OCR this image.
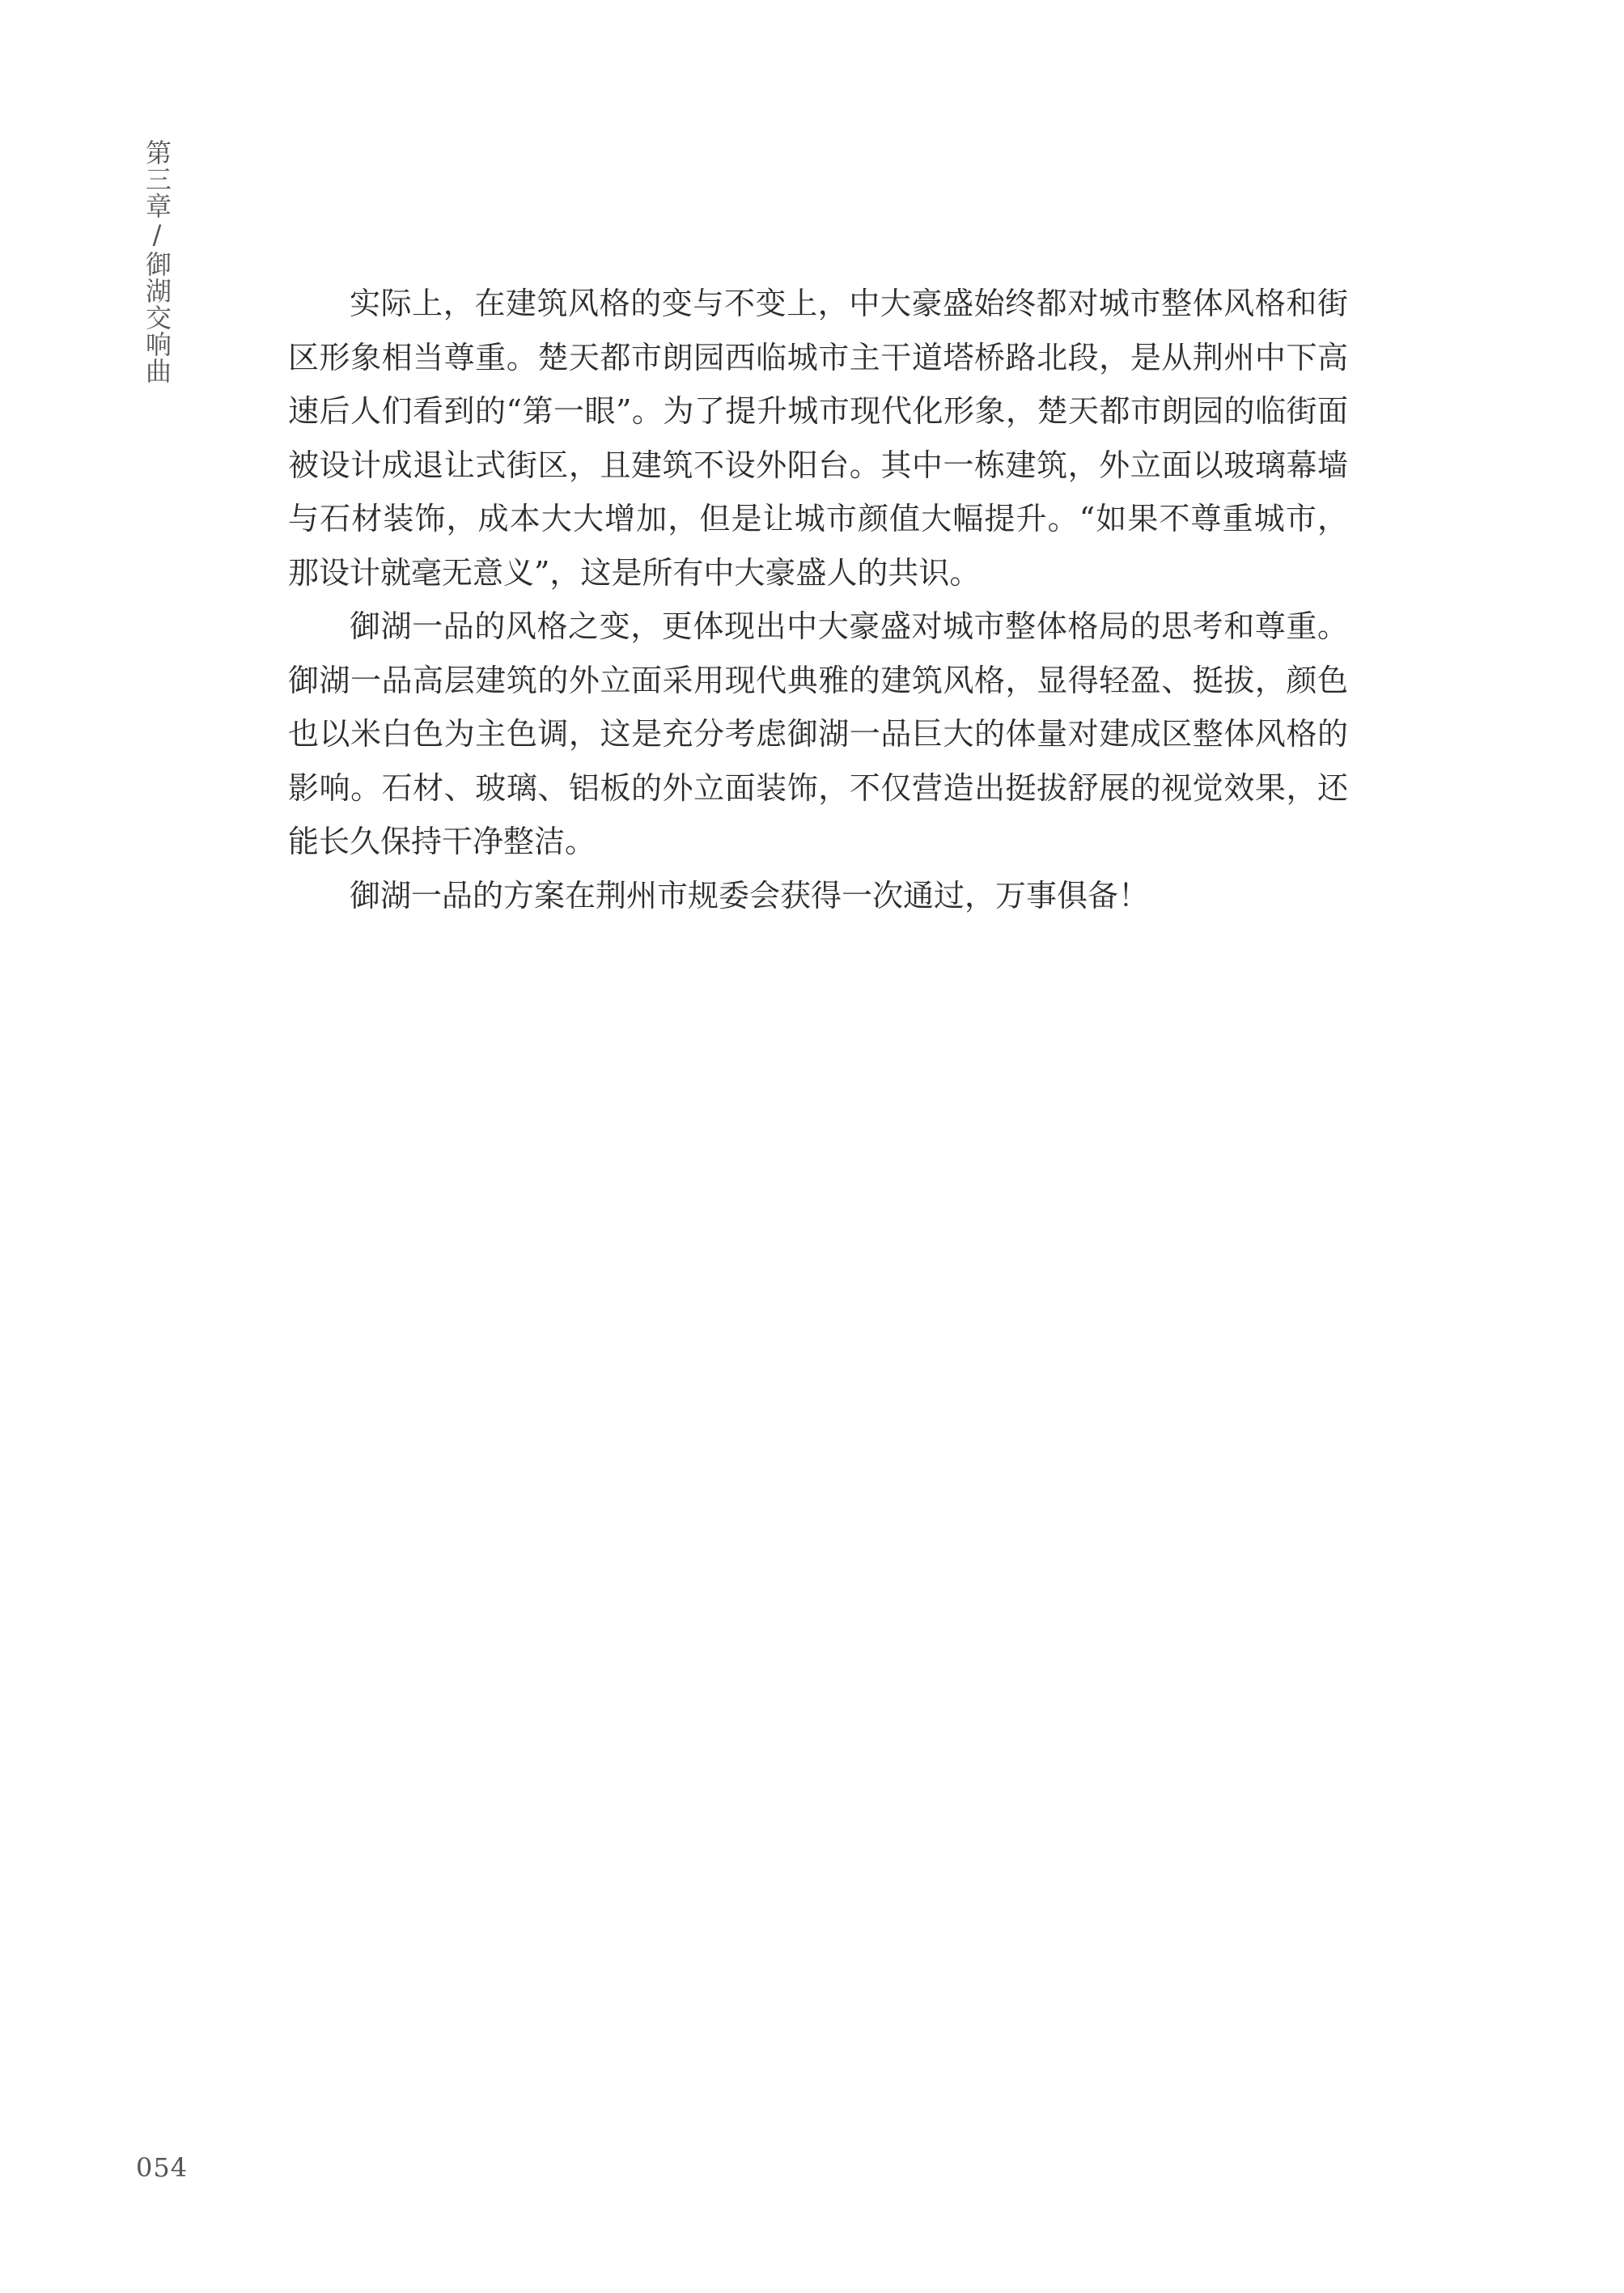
第三章/御湖交响曲	实际上，在建筑风格的变与不变上，中大豪盛始终都对城市整体风格和街区形象相当尊重。楚天都市朗园西临城市主干道塔桥路北段，是从荆州中下高速后人们看到的“第一眼”。为了提升城市现代化形象，楚天都市朗园的临街面被设计成退让式街区，且建筑不设外阳台。其中一栋建筑，外立面以玻璃幕墙与石材装饰，成本大大增加，但是让城市颜值大幅提升。“如果不尊重城市，那设计就毫无意义”，这是所有中大豪盛人的共识。

御湖一品的风格之变，更体现出中大豪盛对城市整体格局的思考和尊重。御湖一品高层建筑的外立面采用现代典雅的建筑风格，显得轻盈、挺拔，颜色也以米白色为主色调，这是充分考虑御湖一品巨大的体量对建成区整体风格的影响。石材、玻璃、铝板的外立面装饰，不仅营造出挺拔舒展的视觉效果，还能长久保持干净整洁。

御湖一品的方案在荆州市规委会获得一次通过，万事俱备！

054
